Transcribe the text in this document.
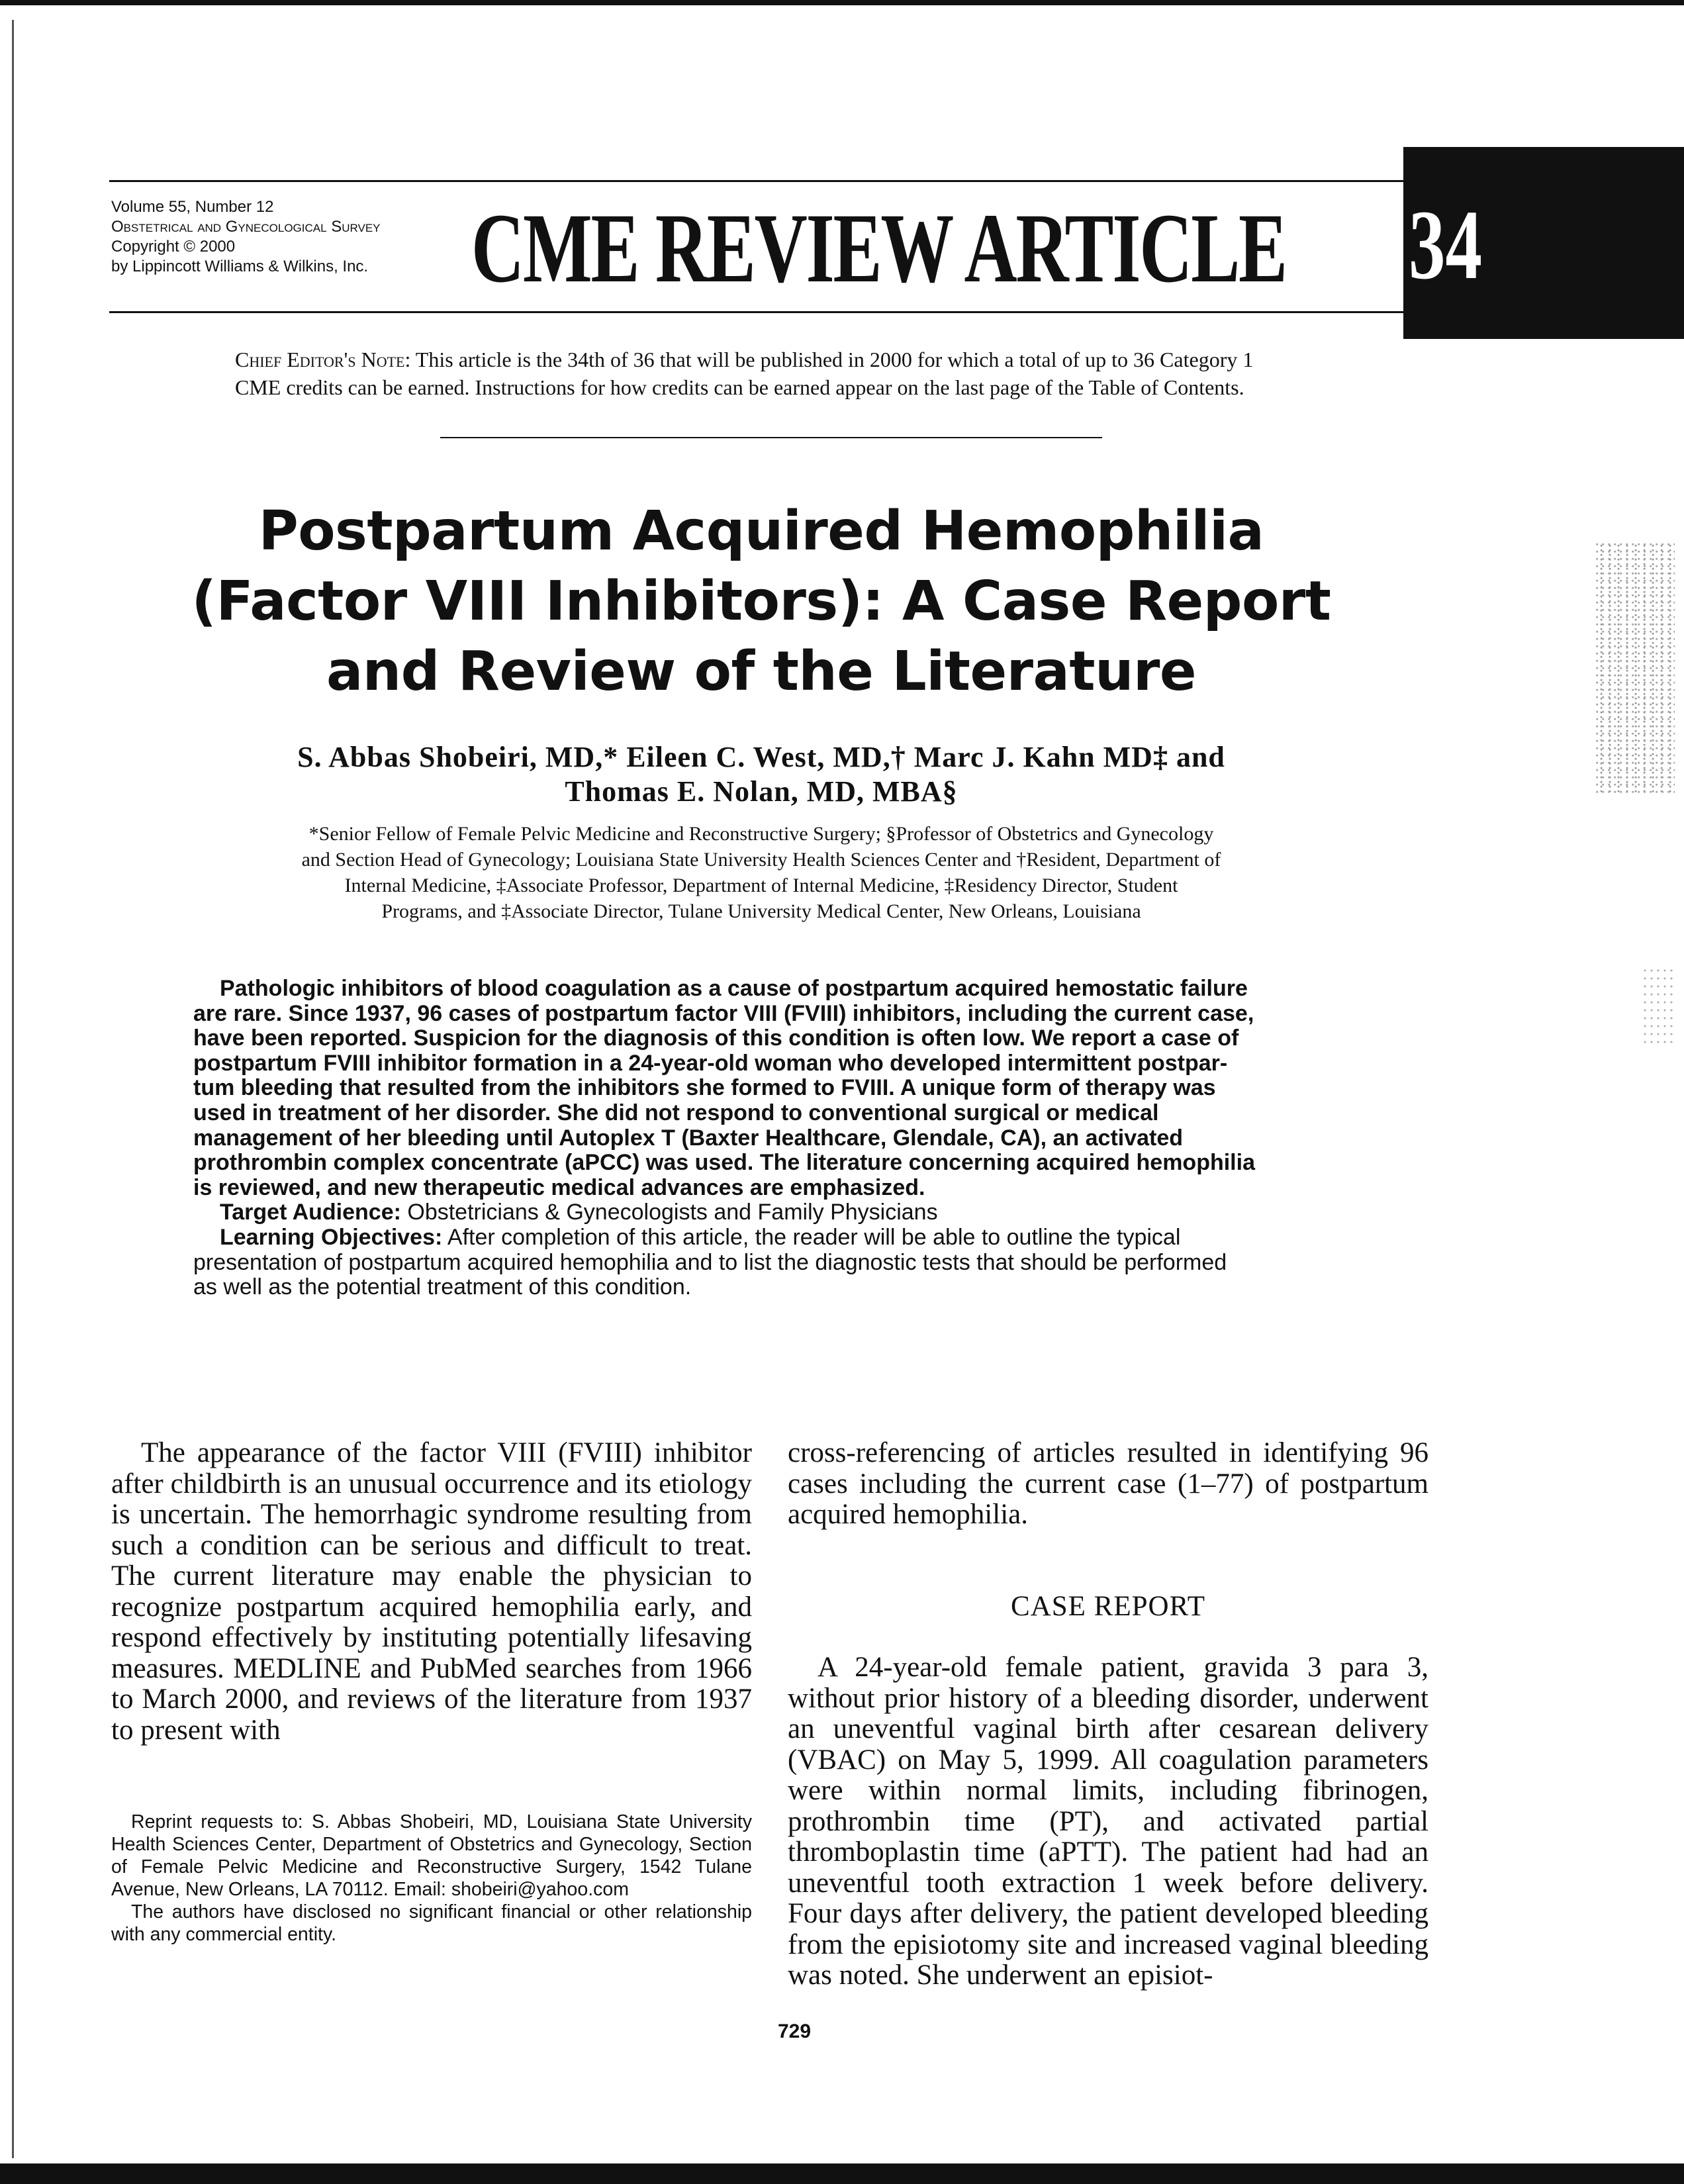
Volume 55, Number 12
Obstetrical and Gynecological Survey
Copyright © 2000
by Lippincott Williams & Wilkins, Inc.	CME REVIEW ARTICLE 34
Chief Editor's Note: This article is the 34th of 36 that will be published in 2000 for which a total of up to 36 Category 1
CME credits can be earned. Instructions for how credits can be earned appear on the last page of the Table of Contents.
Postpartum Acquired Hemophilia
(Factor VIII Inhibitors): A Case Report
and Review of the Literature
S. Abbas Shobeiri, MD,* Eileen C. West, MD,† Marc J. Kahn MD‡ and
Thomas E. Nolan, MD, MBA§
*Senior Fellow of Female Pelvic Medicine and Reconstructive Surgery; §Professor of Obstetrics and Gynecology
and Section Head of Gynecology; Louisiana State University Health Sciences Center and †Resident, Department of
Internal Medicine, ‡Associate Professor, Department of Internal Medicine, ‡Residency Director, Student
Programs, and ‡Associate Director, Tulane University Medical Center, New Orleans, Louisiana
Pathologic inhibitors of blood coagulation as a cause of postpartum acquired hemostatic failure
are rare. Since 1937, 96 cases of postpartum factor VIII (FVIII) inhibitors, including the current case,
have been reported. Suspicion for the diagnosis of this condition is often low. We report a case of
postpartum FVIII inhibitor formation in a 24-year-old woman who developed intermittent postpar-
tum bleeding that resulted from the inhibitors she formed to FVIII. A unique form of therapy was
used in treatment of her disorder. She did not respond to conventional surgical or medical
management of her bleeding until Autoplex T (Baxter Healthcare, Glendale, CA), an activated
prothrombin complex concentrate (aPCC) was used. The literature concerning acquired hemophilia
is reviewed, and new therapeutic medical advances are emphasized.
Target Audience: Obstetricians & Gynecologists and Family Physicians
Learning Objectives: After completion of this article, the reader will be able to outline the typical
presentation of postpartum acquired hemophilia and to list the diagnostic tests that should be performed
as well as the potential treatment of this condition.

The appearance of the factor VIII (FVIII) inhibitor after childbirth is an unusual occurrence and its etiology is uncertain. The hemorrhagic syndrome resulting from such a condition can be serious and difficult to treat. The current literature may enable the physician to recognize postpartum acquired hemophilia early, and respond effectively by instituting potentially lifesaving measures. MEDLINE and PubMed searches from 1966 to March 2000, and reviews of the literature from 1937 to present with

cross-referencing of articles resulted in identifying 96 cases including the current case (1–77) of postpartum acquired hemophilia.

CASE REPORT

A 24-year-old female patient, gravida 3 para 3, without prior history of a bleeding disorder, underwent an uneventful vaginal birth after cesarean delivery (VBAC) on May 5, 1999. All coagulation parameters were within normal limits, including fibrinogen, prothrombin time (PT), and activated partial thromboplastin time (aPTT). The patient had had an uneventful tooth extraction 1 week before delivery. Four days after delivery, the patient developed bleeding from the episiotomy site and increased vaginal bleeding was noted. She underwent an episiot-

Reprint requests to: S. Abbas Shobeiri, MD, Louisiana State University Health Sciences Center, Department of Obstetrics and Gynecology, Section of Female Pelvic Medicine and Reconstructive Surgery, 1542 Tulane Avenue, New Orleans, LA 70112. Email: shobeiri@yahoo.com

The authors have disclosed no significant financial or other relationship with any commercial entity.

729
